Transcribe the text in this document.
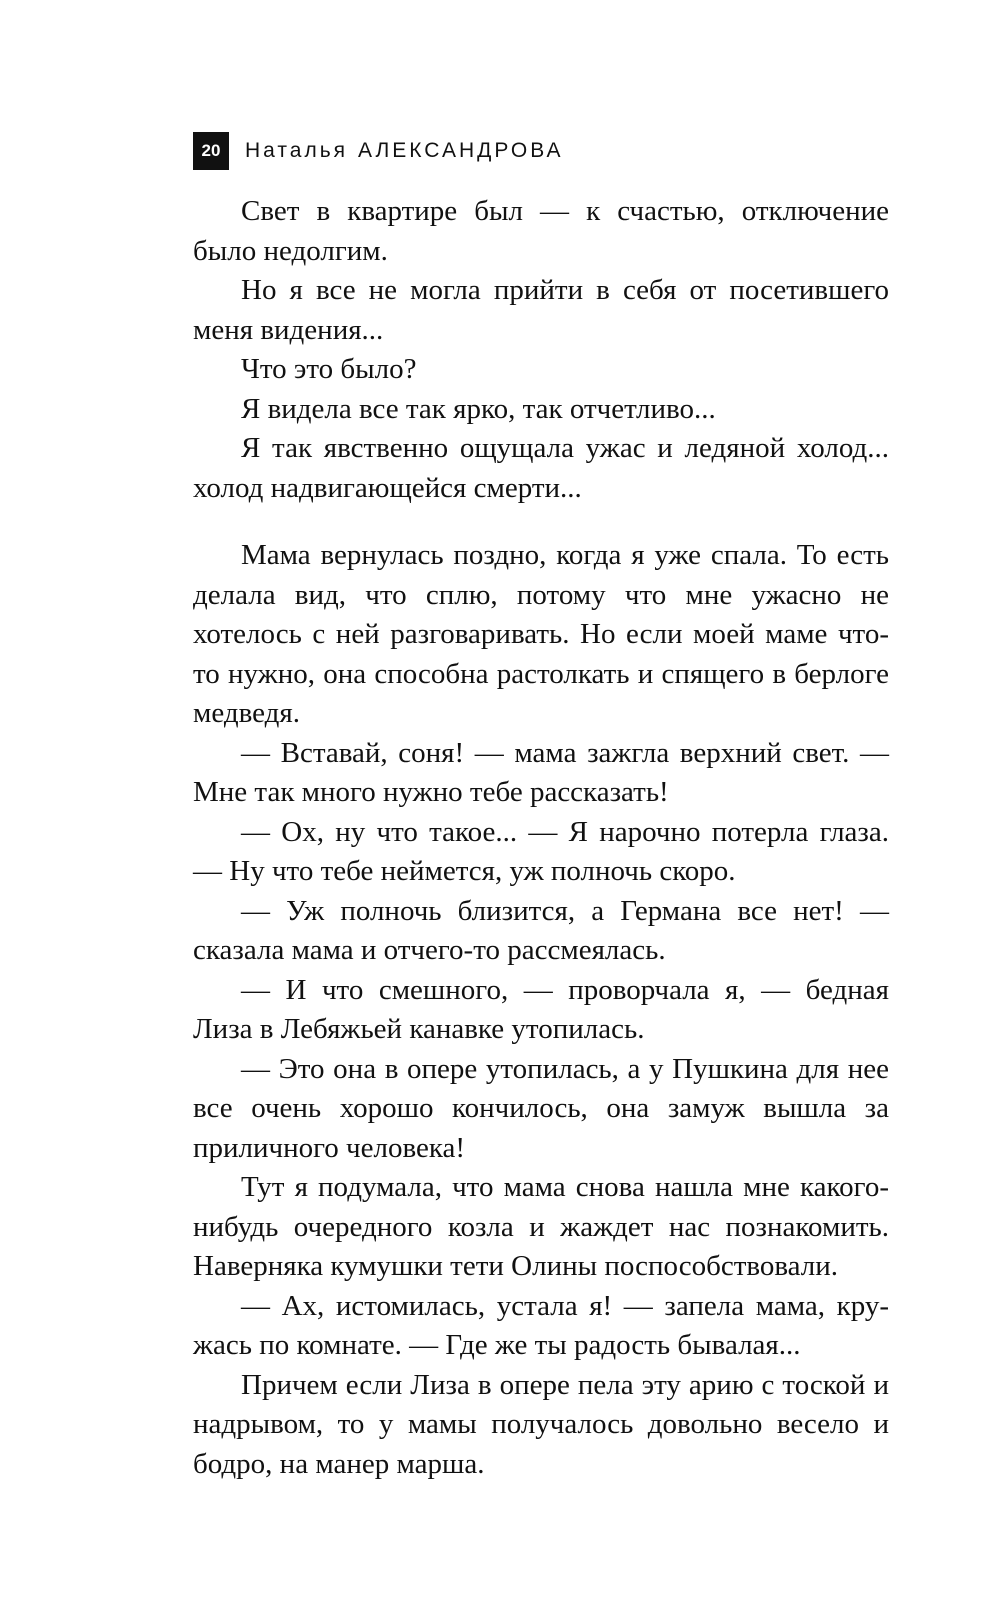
20	Наталья АЛЕКСАНДРОВА

Свет в квартире был — к счастью, отключение было недолгим.

Но я все не могла прийти в себя от посетившего меня видения...

Что это было?

Я видела все так ярко, так отчетливо...

Я так явственно ощущала ужас и ледяной холод... холод надвигающейся смерти...

Мама вернулась поздно, когда я уже спала. То есть делала вид, что сплю, потому что мне ужасно не хотелось с ней разговаривать. Но если моей маме что-то нужно, она способна растолкать и спящего в берлоге медведя.

— Вставай, соня! — мама зажгла верхний свет. — Мне так много нужно тебе рассказать!

— Ох, ну что такое... — Я нарочно потерла глаза. — Ну что тебе неймется, уж полночь скоро.

— Уж полночь близится, а Германа все нет! — сказала мама и отчего-то рассмеялась.

— И что смешного, — проворчала я, — бедная Лиза в Лебяжьей канавке утопилась.

— Это она в опере утопилась, а у Пушкина для нее все очень хорошо кончилось, она замуж вышла за приличного человека!

Тут я подумала, что мама снова нашла мне какого-нибудь очередного козла и жаждет нас познакомить. Наверняка кумушки тети Олины поспособствовали.

— Ах, истомилась, устала я! — запела мама, кружась по комнате. — Где же ты радость бывалая...

Причем если Лиза в опере пела эту арию с тоской и надрывом, то у мамы получалось довольно весело и бодро, на манер марша.
